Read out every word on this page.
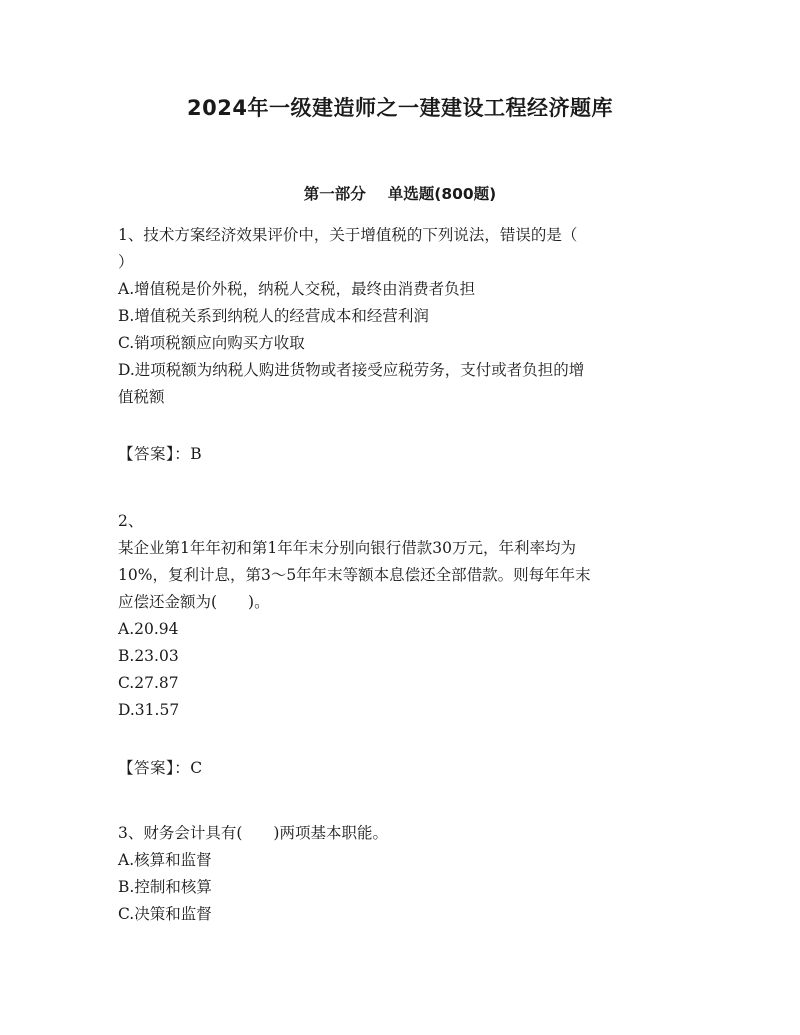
2024年一级建造师之一建建设工程经济题库
第一部分 单选题(800题)
1、技术方案经济效果评价中，关于增值税的下列说法，错误的是（
）
A.增值税是价外税，纳税人交税，最终由消费者负担
B.增值税关系到纳税人的经营成本和经营利润
C.销项税额应向购买方收取
D.进项税额为纳税人购进货物或者接受应税劳务，支付或者负担的增
值税额
【答案】：B
2、
某企业第1年年初和第1年年末分别向银行借款30万元，年利率均为
10%，复利计息，第3～5年年末等额本息偿还全部借款。则每年年末
应偿还金额为(　　)。
A.20.94
B.23.03
C.27.87
D.31.57
【答案】：C
3、财务会计具有(　　)两项基本职能。
A.核算和监督
B.控制和核算
C.决策和监督
